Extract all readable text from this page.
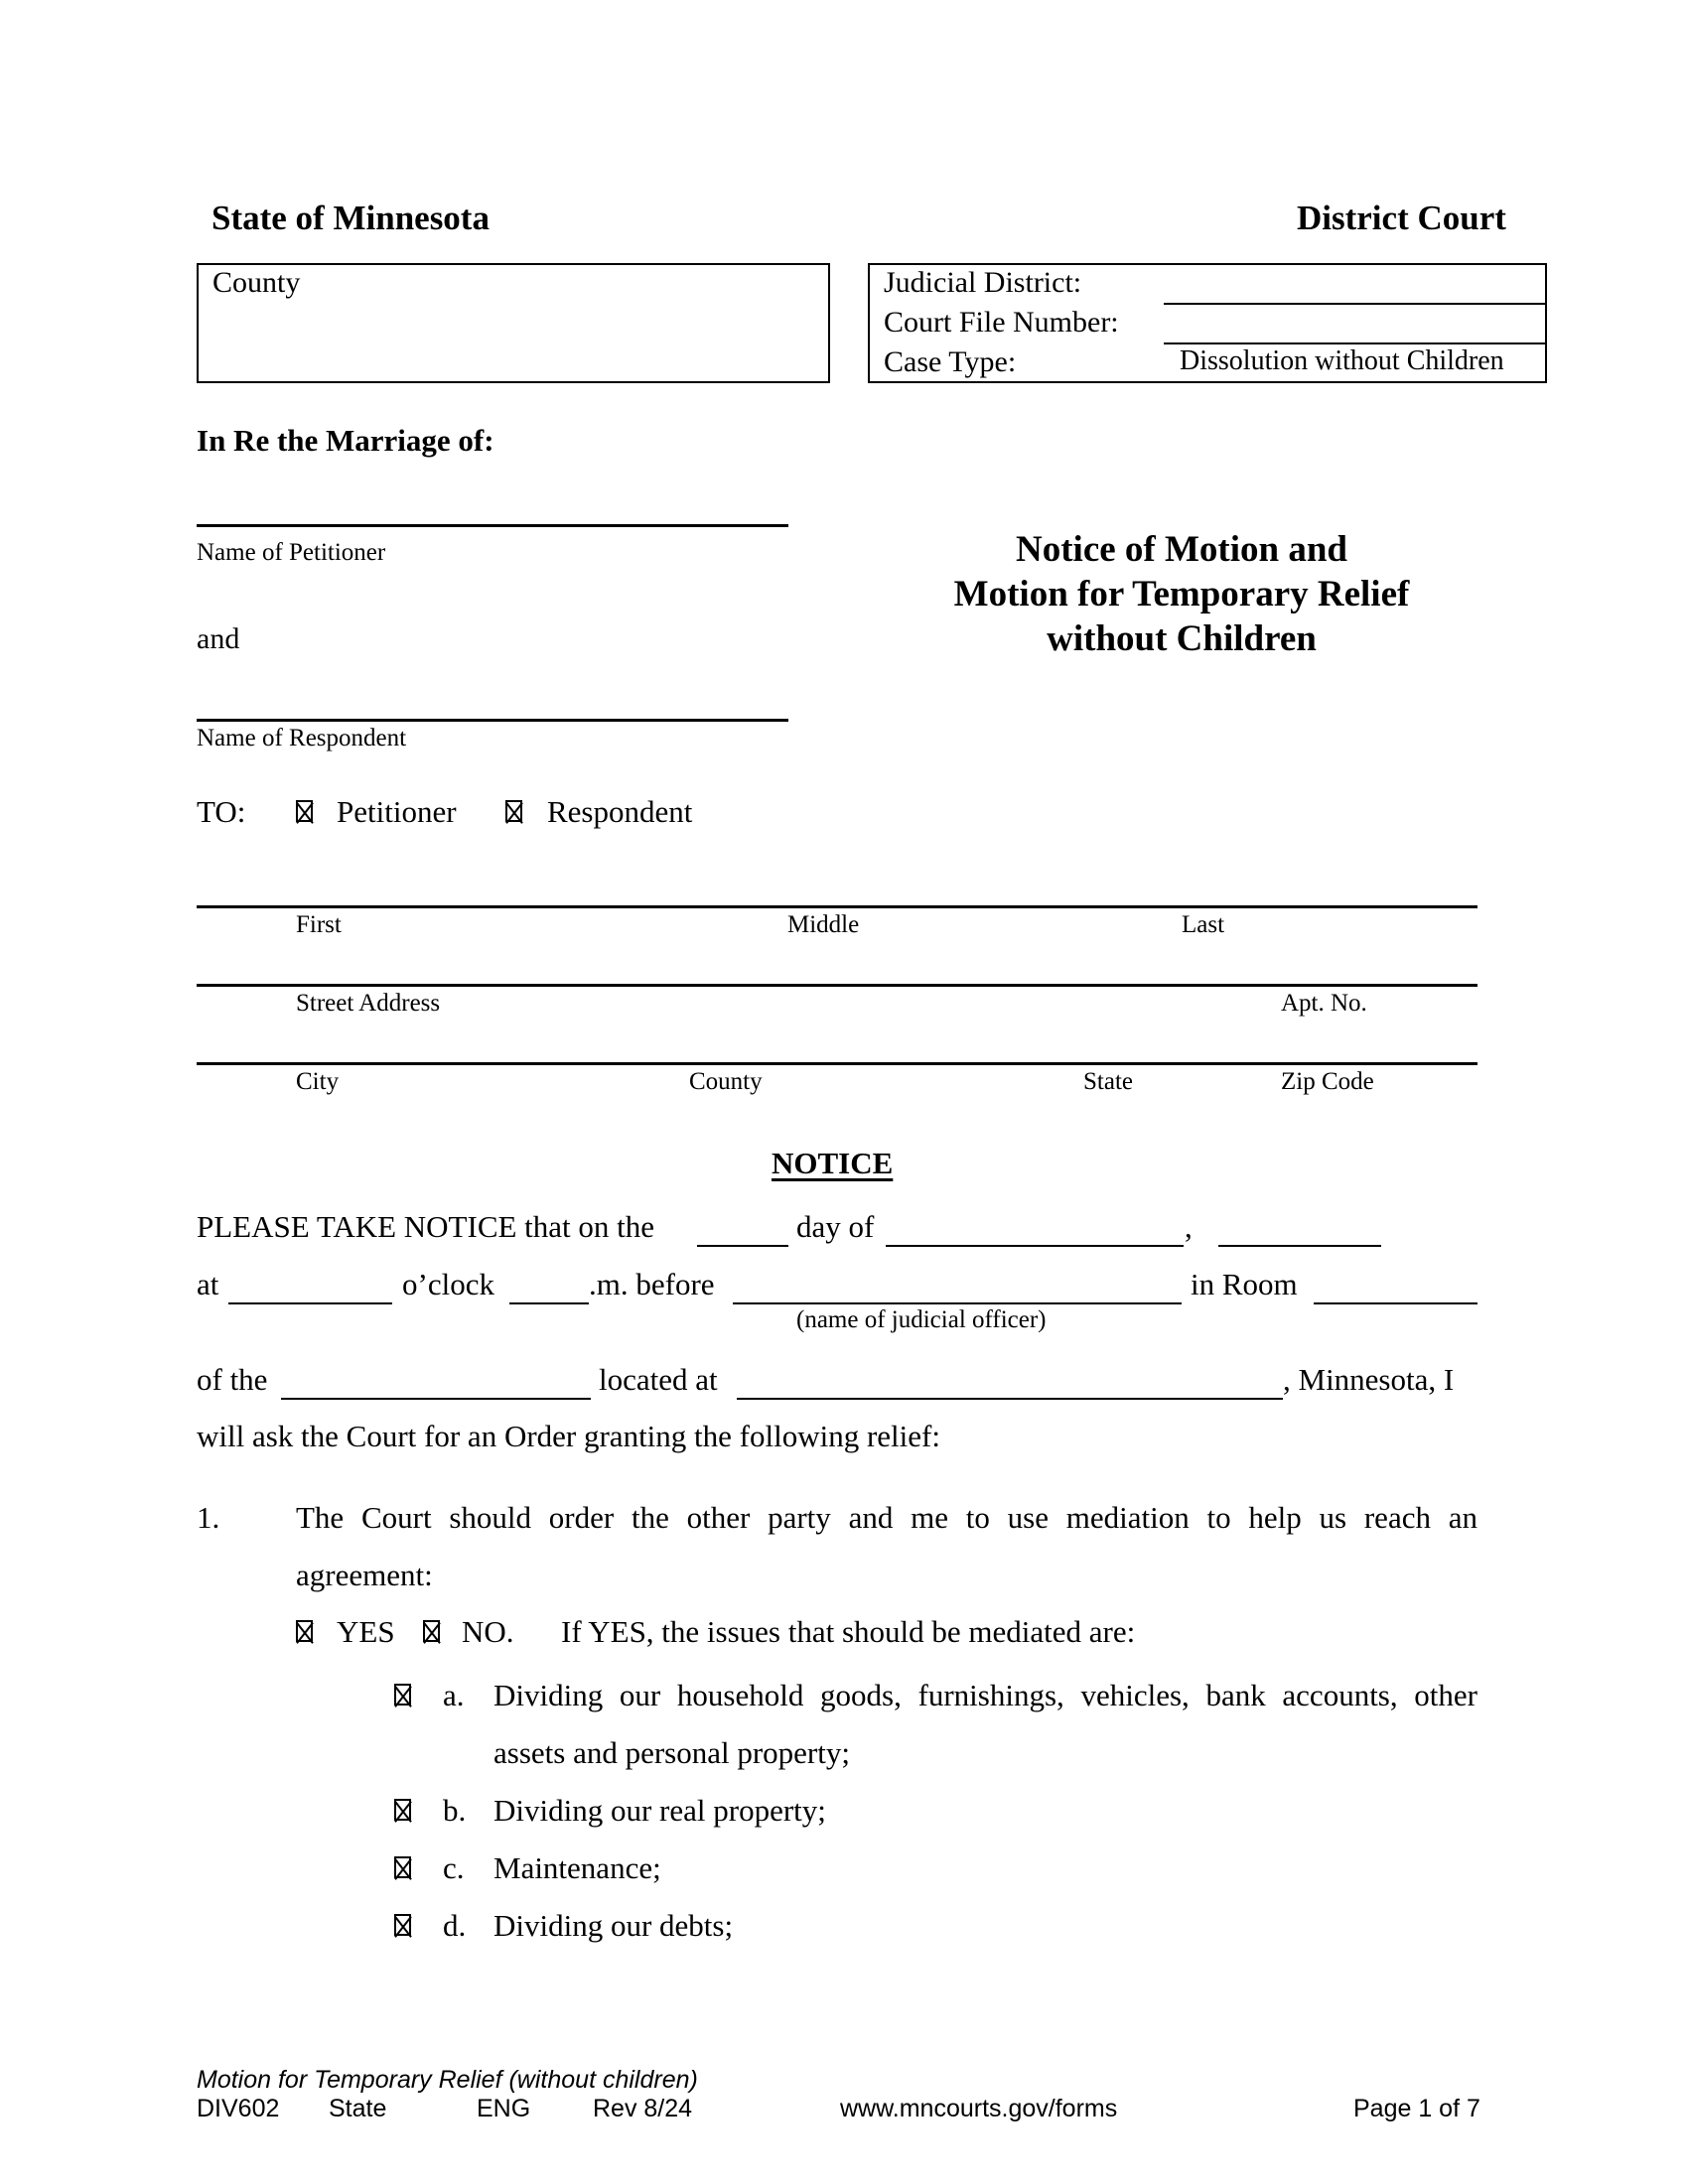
State of Minnesota	District Court
County	Judicial District:
Court File Number:
Case Type:	Dissolution without Children
In Re the Marriage of:
Name of Petitioner
and
Name of Respondent
Notice of Motion and
Motion for Temporary Relief
without Children
TO:	Petitioner	Respondent
First	Middle	Last
Street Address	Apt. No.
City	County	State	Zip Code
NOTICE
PLEASE TAKE NOTICE that on the	day of	,
at	o’clock	.m. before	in Room
(name of judicial officer)
of the	located at	, Minnesota, I
will ask the Court for an Order granting the following relief:
1. The Court should order the other party and me to use mediation to help us reach an
agreement:
YES NO. If YES, the issues that should be mediated are:
a. Dividing our household goods, furnishings, vehicles, bank accounts, other
assets and personal property;
b. Dividing our real property;
c. Maintenance;
d. Dividing our debts;
Motion for Temporary Relief (without children)
DIV602 State	ENG	Rev 8/24	www.mncourts.gov/forms	Page 1 of 7
